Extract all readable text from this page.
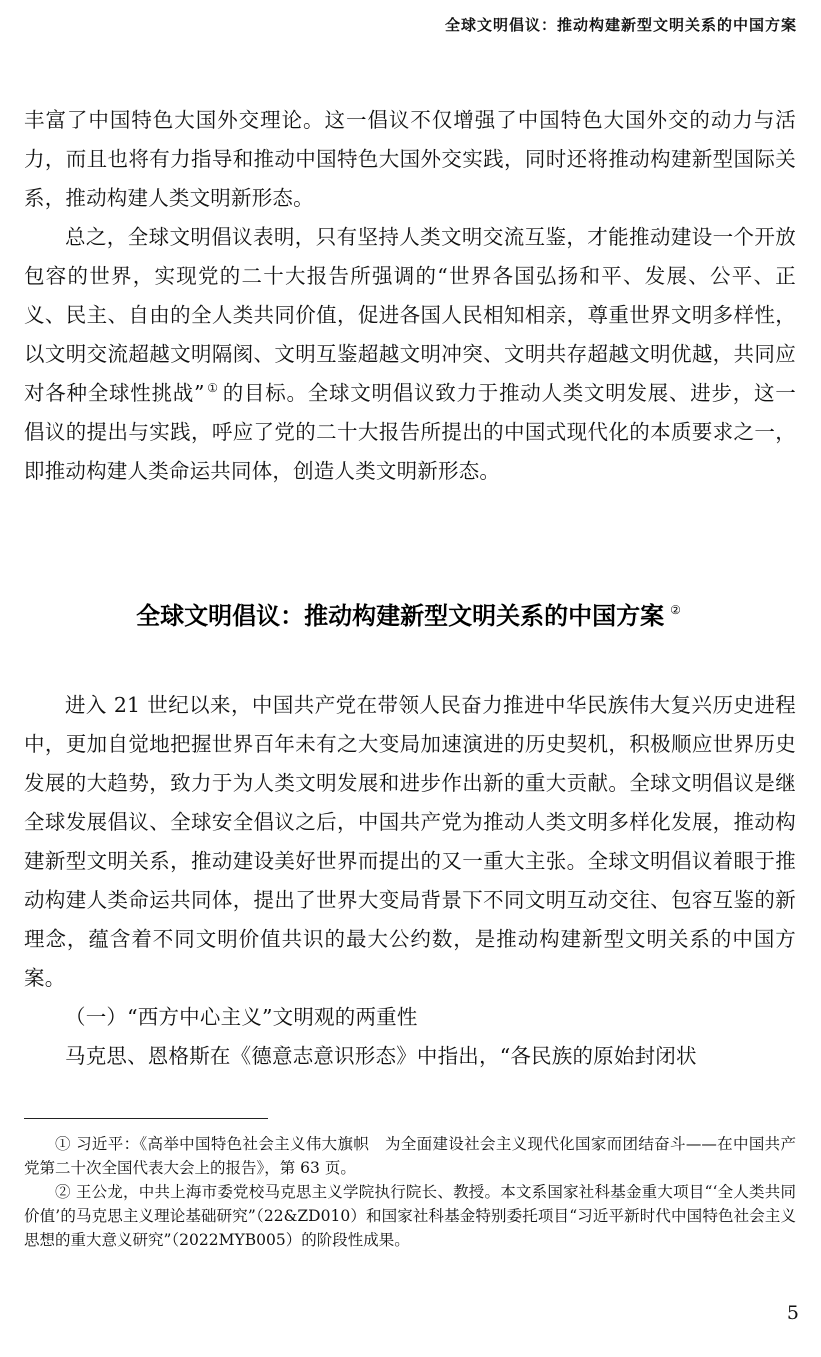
全球文明倡议：推动构建新型文明关系的中国方案

丰富了中国特色大国外交理论。这一倡议不仅增强了中国特色大国外交的动力与活力，而且也将有力指导和推动中国特色大国外交实践，同时还将推动构建新型国际关系，推动构建人类文明新形态。

总之，全球文明倡议表明，只有坚持人类文明交流互鉴，才能推动建设一个开放包容的世界，实现党的二十大报告所强调的“世界各国弘扬和平、发展、公平、正义、民主、自由的全人类共同价值，促进各国人民相知相亲，尊重世界文明多样性，以文明交流超越文明隔阂、文明互鉴超越文明冲突、文明共存超越文明优越，共同应对各种全球性挑战” ① 的目标。全球文明倡议致力于推动人类文明发展、进步，这一倡议的提出与实践，呼应了党的二十大报告所提出的中国式现代化的本质要求之一，即推动构建人类命运共同体，创造人类文明新形态。

全球文明倡议：推动构建新型文明关系的中国方案 ②

进入 21 世纪以来，中国共产党在带领人民奋力推进中华民族伟大复兴历史进程中，更加自觉地把握世界百年未有之大变局加速演进的历史契机，积极顺应世界历史发展的大趋势，致力于为人类文明发展和进步作出新的重大贡献。全球文明倡议是继全球发展倡议、全球安全倡议之后，中国共产党为推动人类文明多样化发展，推动构建新型文明关系，推动建设美好世界而提出的又一重大主张。全球文明倡议着眼于推动构建人类命运共同体，提出了世界大变局背景下不同文明互动交往、包容互鉴的新理念，蕴含着不同文明价值共识的最大公约数，是推动构建新型文明关系的中国方案。

（一）“西方中心主义”文明观的两重性

马克思、恩格斯在《德意志意识形态》中指出，“各民族的原始封闭状

① 习近平：《高举中国特色社会主义伟大旗帜　为全面建设社会主义现代化国家而团结奋斗——在中国共产党第二十次全国代表大会上的报告》，第 63 页。

② 王公龙，中共上海市委党校马克思主义学院执行院长、教授。本文系国家社科基金重大项目“‘全人类共同价值’的马克思主义理论基础研究”（22&ZD010）和国家社科基金特别委托项目“习近平新时代中国特色社会主义思想的重大意义研究”（2022MYB005）的阶段性成果。

5
